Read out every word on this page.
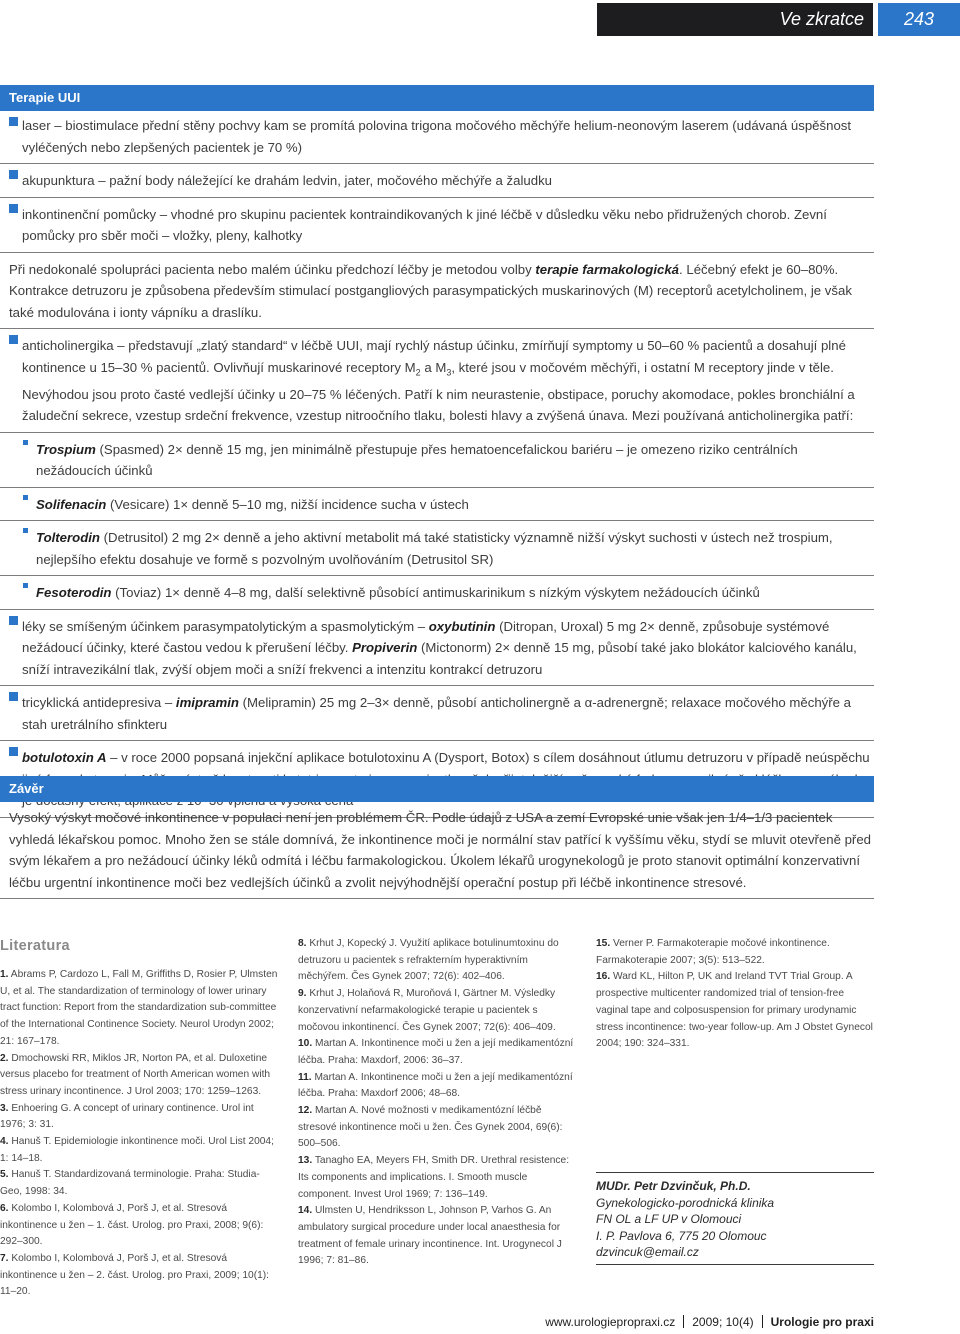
Ve zkratce	243
Terapie UUI
laser – biostimulace přední stěny pochvy kam se promítá polovina trigona močového měchýře helium-neonovým laserem (udávaná úspěšnost vyléčených nebo zlepšených pacientek je 70 %)
akupunktura – pažní body náležející ke drahám ledvin, jater, močového měchýře a žaludku
inkontinenční pomůcky – vhodné pro skupinu pacientek kontraindikovaných k jiné léčbě v důsledku věku nebo přidružených chorob. Zevní pomůcky pro sběr moči – vložky, pleny, kalhotky
Při nedokonalé spolupráci pacienta nebo malém účinku předchozí léčby je metodou volby terapie farmakologická. Léčebný efekt je 60–80%. Kontrakce detruzoru je způsobena především stimulací postgangliových parasympatických muskarinových (M) receptorů acetylcholinem, je však také modulována i ionty vápníku a draslíku.
anticholinergika – představují „zlatý standard“ v léčbě UUI, mají rychlý nástup účinku, zmírňují symptomy u 50–60 % pacientů a dosahují plné kontinence u 15–30 % pacientů. Ovlivňují muskarinové receptory $M_2$ a $M_3$, které jsou v močovém měchýři, i ostatní M receptory jinde v těle. Nevýhodou jsou proto časté vedlejší účinky u 20–75 % léčených. Patří k nim neurastenie, obstipace, poruchy akomodace, pokles bronchiální a žaludeční sekrece, vzestup srdeční frekvence, vzestup nitroočního tlaku, bolesti hlavy a zvýšená únava. Mezi používaná anticholinergika patří:
Trospium (Spasmed) 2× denně 15 mg, jen minimálně přestupuje přes hematoencefalickou bariéru – je omezeno riziko centrálních nežádoucích účinků
Solifenacin (Vesicare) 1× denně 5–10 mg, nižší incidence sucha v ústech
Tolterodin (Detrusitol) 2 mg 2× denně a jeho aktivní metabolit má také statisticky významně nižší výskyt suchosti v ústech než trospium, nejlepšího efektu dosahuje ve formě s pozvolným uvolňováním (Detrusitol SR)
Fesoterodin (Toviaz) 1× denně 4–8 mg, další selektivně působící antimuskarinikum s nízkým výskytem nežádoucích účinků
léky se smíšeným účinkem parasympatolytickým a spasmolytickým – oxybutinin (Ditropan, Uroxal) 5 mg 2× denně, způsobuje systémové nežádoucí účinky, které častou vedou k přerušení léčby. Propiverin (Mictonorm) 2× denně 15 mg, působí také jako blokátor kalciového kanálu, sníží intravezikální tlak, zvýší objem moči a sníží frekvenci a intenzitu kontrakcí detruzoru
tricyklická antidepresiva – imipramin (Melipramin) 25 mg 2–3× denně, působí anticholinergně a α-adrenergně; relaxace močového měchýře a stah uretrálního sfinkteru
botulotoxin A – v roce 2000 popsaná injekční aplikace botulotoxinu A (Dysport, Botox) s cílem dosáhnout útlumu detruzoru v případě neúspěchu
Závěr
Vysoký výskyt močové inkontinence v populaci není jen problémem ČR. Podle údajů z USA a zemí Evropské unie však jen 1/4–1/3 pacientek vyhledá lékařskou pomoc. Mnoho žen se stále domnívá, že inkontinence moči je normální stav patřící k vyššímu věku, stydí se mluvit otevřeně před svým lékařem a pro nežádoucí účinky léků odmítá i léčbu farmakologickou. Úkolem lékařů urogynekologů je proto stanovit optimální konzervativní léčbu urgentní inkontinence moči bez vedlejších účinků a zvolit nejvýhodnější operační postup při léčbě inkontinence stresové.
Literatura
1. Abrams P, Cardozo L, Fall M, Griffiths D, Rosier P, Ulmsten U, et al. The standardization of terminology of lower urinary tract function: Report from the standardization sub-committee of the International Continence Society. Neurol Urodyn 2002; 21: 167–178.
2. Dmochowski RR, Miklos JR, Norton PA, et al. Duloxetine versus placebo for treatment of North American women with stress urinary incontinence. J Urol 2003; 170: 1259–1263.
3. Enhoering G. A concept of urinary continence. Urol int 1976; 3: 31.
4. Hanuš T. Epidemiologie inkontinence moči. Urol List 2004; 1: 14–18.
5. Hanuš T. Standardizovaná terminologie. Praha: Studia-Geo, 1998: 34.
6. Kolombo I, Kolombová J, Porš J, et al. Stresová inkontinence u žen – 1. část. Urolog. pro Praxi, 2008; 9(6): 292–300.
7. Kolombo I, Kolombová J, Porš J, et al. Stresová inkontinence u žen – 2. část. Urolog. pro Praxi, 2009; 10(1): 11–20.
8. Krhut J, Kopecký J. Využití aplikace botulinumtoxinu do detruzoru u pacientek s refrakterním hyperaktivním měchýřem. Čes Gynek 2007; 72(6): 402–406.
9. Krhut J, Holaňová R, Muroňová I, Gärtner M. Výsledky konzervativní nefarmakologické terapie u pacientek s močovou inkontinencí. Čes Gynek 2007; 72(6): 406–409.
10. Martan A. Inkontinence moči u žen a její medikamentózní léčba. Praha: Maxdorf, 2006: 36–37.
11. Martan A. Inkontinence moči u žen a její medikamentózní léčba. Praha: Maxdorf 2006; 48–68.
12. Martan A. Nové možnosti v medikamentózní léčbě stresové inkontinence moči u žen. Čes Gynek 2004, 69(6): 500–506.
13. Tanagho EA, Meyers FH, Smith DR. Urethral resistence: Its components and implications. I. Smooth muscle component. Invest Urol 1969; 7: 136–149.
14. Ulmsten U, Hendriksson L, Johnson P, Varhos G. An ambulatory surgical procedure under local anaesthesia for treatment of female urinary incontinence. Int. Urogynecol J 1996; 7: 81–86.
15. Verner P. Farmakoterapie močové inkontinence. Farmakoterapie 2007; 3(5): 513–522.
16. Ward KL, Hilton P, UK and Ireland TVT Trial Group. A prospective multicenter randomized trial of tension-free vaginal tape and colposuspension for primary urodynamic stress incontinence: two-year follow-up. Am J Obstet Gynecol 2004; 190: 324–331.
MUDr. Petr Dzvinčuk, Ph.D.
Gynekologicko-porodnická klinika
FN OL a LF UP v Olomouci
I. P. Pavlova 6, 775 20 Olomouc
dzvincuk@email.cz
www.urologiepropraxi.cz 2009; 10(4) Urologie pro praxi
